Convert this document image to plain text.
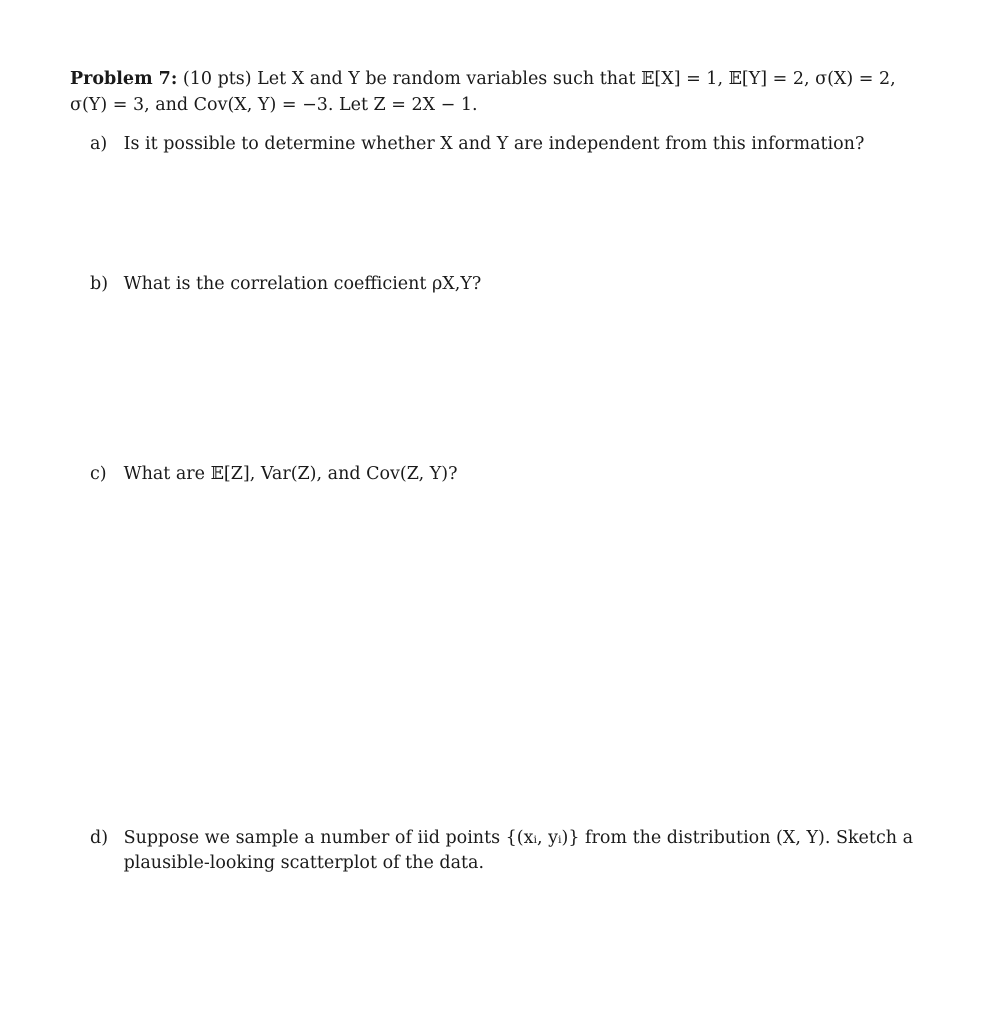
Problem 7: (10 pts) Let X and Y be random variables such that 𝔼[X] = 1, 𝔼[Y] = 2, σ(X) = 2,
σ(Y) = 3, and Cov(X, Y) = −3. Let Z = 2X − 1.
a) Is it possible to determine whether X and Y are independent from this information?
b) What is the correlation coefficient ρX,Y?
c) What are 𝔼[Z], Var(Z), and Cov(Z, Y)?
d) Suppose we sample a number of iid points {(xᵢ, yᵢ)} from the distribution (X, Y). Sketch a
plausible-looking scatterplot of the data.
